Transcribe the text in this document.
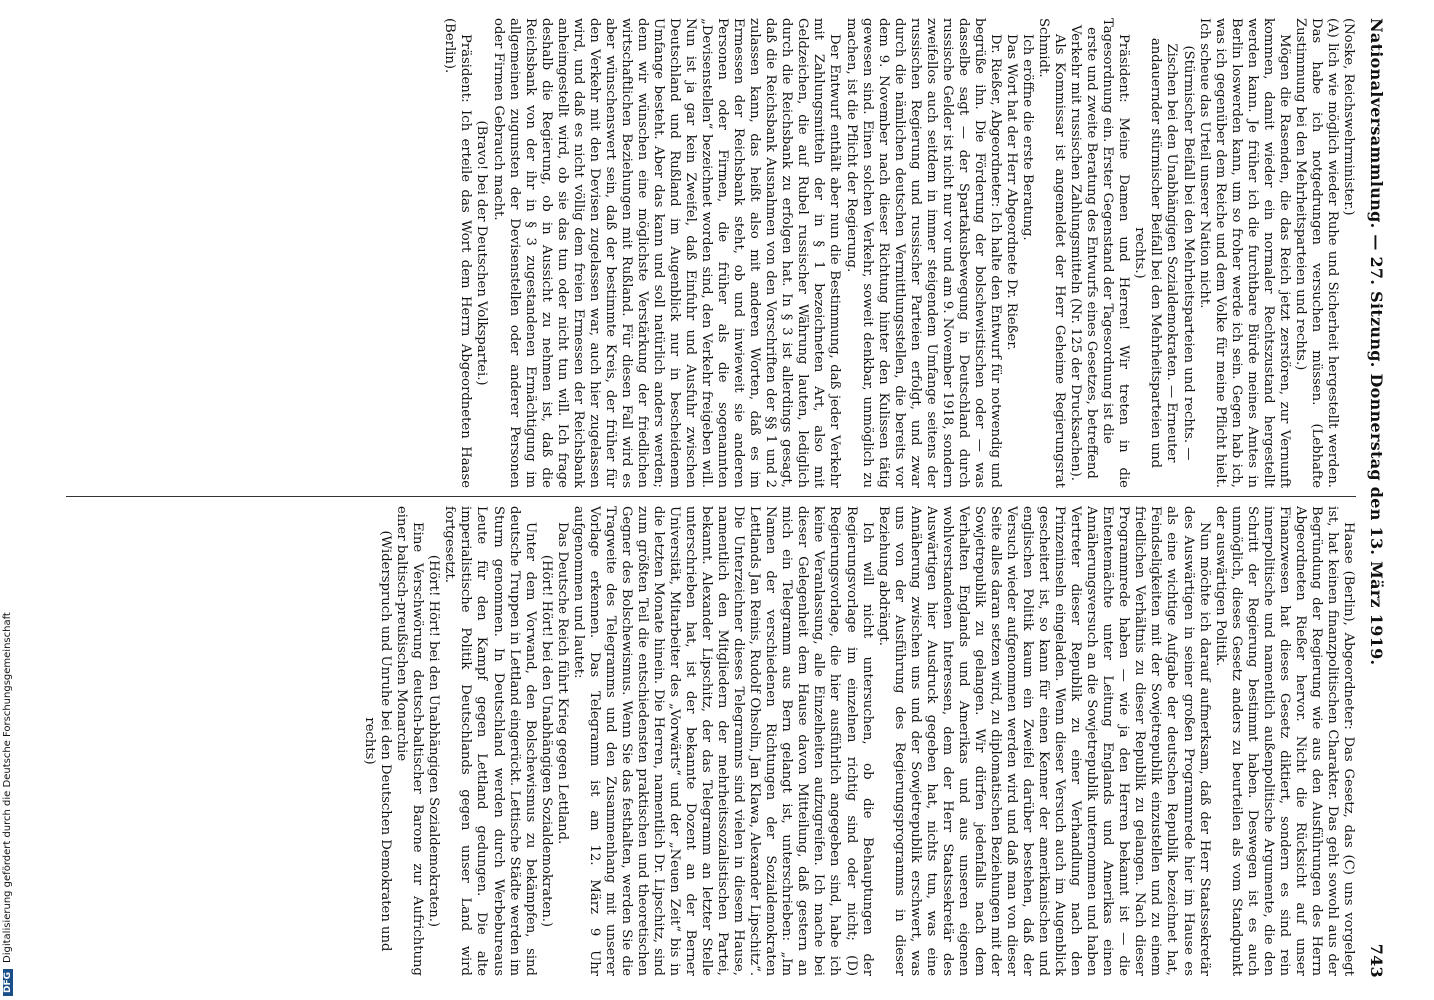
Nationalversammlung. — 27. Sitzung. Donnerstag den 13. März 1919.
743

(Noske, Reichswehrminister.)

(A) lich wie möglich wieder Ruhe und Sicherheit hergestellt werden. Das habe ich notgedrungen versuchen müssen. (Lebhafte Zustimmung bei den Mehrheitsparteien und rechts.)

Mögen die Rasenden, die das Reich jetzt zerstören, zur Vernunft kommen, damit wieder ein normaler Rechtszustand hergestellt werden kann. Je früher ich die furchtbare Bürde meines Amtes in Berlin loswerden kann, um so froher werde ich sein. Gegen hab ich, was ich gegenüber dem Reiche und dem Volke für meine Pflicht hielt. Ich scheue das Urteil unserer Nation nicht.

(Stürmischer Beifall bei den Mehrheitsparteien und rechts. — Zischen bei den Unabhängigen Sozialdemokraten. — Erneuter andauernder stürmischer Beifall bei den Mehrheitsparteien und rechts.)

Präsident: Meine Damen und Herren! Wir treten in die Tagesordnung ein. Erster Gegenstand der Tagesordnung ist die

erste und zweite Beratung des Entwurfs eines Gesetzes, betreffend Verkehr mit russischen Zahlungsmitteln (Nr. 125 der Drucksachen).

Als Kommissar ist angemeldet der Herr Geheime Regierungsrat Schmidt.

Ich eröffne die erste Beratung.

Das Wort hat der Herr Abgeordnete Dr. Rießer.

Dr. Rießer, Abgeordneter: Ich halte den Entwurf für notwendig und begrüße ihn. Die Förderung der bolschewistischen oder — was dasselbe sagt — der Spartakusbewegung in Deutschland durch russische Gelder ist nicht nur vor und am 9. November 1918, sondern zweifellos auch seitdem in immer steigendem Umfange seitens der russischen Regierung und russischer Parteien erfolgt, und zwar durch die nämlichen deutschen Vermittlungsstellen, die bereits vor dem 9. November nach dieser Richtung hinter den Kulissen tätig gewesen sind. Einen solchen Verkehr, soweit denkbar, unmöglich zu machen, ist die Pflicht der Regierung.

Der Entwurf enthält aber nun die Bestimmung, daß jeder Verkehr mit Zahlungsmitteln der in § 1 bezeichneten Art, also mit Geldzeichen, die auf Rubel russischer Währung lauten, lediglich durch die Reichsbank zu erfolgen hat. In § 3 ist allerdings gesagt, daß die Reichsbank Ausnahmen von den Vorschriften der §§ 1 und 2 zulassen kann, das heißt also mit anderen Worten, daß es im Ermessen der Reichsbank steht, ob und inwieweit sie anderen Personen oder Firmen, die früher als die sogenannten „Devisenstellen“ bezeichnet worden sind, den Verkehr freigeben will. Nun ist ja gar kein Zweifel, daß Einfuhr und Ausfuhr zwischen Deutschland und Rußland im Augenblick nur in bescheidenem Umfange besteht. Aber das kann und soll natürlich anders werden; denn wir wünschen eine möglichste Verstärkung der friedlichen wirtschaftlichen Beziehungen mit Rußland. Für diesen Fall wird es aber wünschenswert sein, daß der bestimmte Kreis, der früher für den Verkehr mit den Devisen zugelassen war, auch hier zugelassen wird, und daß es nicht völlig dem freien Ermessen der Reichsbank anheimgestellt wird, ob sie das tun oder nicht tun will. Ich frage deshalb die Regierung, ob in Aussicht zu nehmen ist, daß die Reichsbank von der ihr in § 3 zugestandenen Ermächtigung im allgemeinen zugunsten der Devisenstellen oder anderer Personen oder Firmen Gebrauch macht.

(Bravo! bei der Deutschen Volkspartei.)

Präsident: Ich erteile das Wort dem Herrn Abgeordneten Haase (Berlin).

Haase (Berlin), Abgeordneter: Das Gesetz, das (C) uns vorgelegt ist, hat keinen finanzpolitischen Charakter. Das geht sowohl aus der Begründung der Regierung wie aus den Ausführungen des Herrn Abgeordneten Rießer hervor. Nicht die Rücksicht auf unser Finanzwesen hat dieses Gesetz diktiert, sondern es sind rein innerpolitische und namentlich außenpolitische Argumente, die den Schritt der Regierung bestimmt haben. Deswegen ist es auch unmöglich, dieses Gesetz anders zu beurteilen als vom Standpunkt der auswärtigen Politik.

Nun möchte ich darauf aufmerksam, daß der Herr Staatssekretär des Auswärtigen in seiner großen Programmrede hier im Hause es als eine wichtige Aufgabe der deutschen Republik bezeichnet hat, Feindseligkeiten mit der Sowjetrepublik einzustellen und zu einem friedlichen Verhältnis zu dieser Republik zu gelangen. Nach dieser Programmrede haben — wie ja den Herren bekannt ist — die Ententemächte unter Leitung Englands und Amerikas einen Annäherungsversuch an die Sowjetrepublik unternommen und haben Vertreter dieser Republik zu einer Verhandlung nach den Prinzeninseln eingeladen. Wenn dieser Versuch auch im Augenblick gescheitert ist, so kann für einen Kenner der amerikanischen und englischen Politik kaum ein Zweifel darüber bestehen, daß der Versuch wieder aufgenommen werden wird und daß man von dieser Seite alles daran setzen wird, zu diplomatischen Beziehungen mit der Sowjetrepublik zu gelangen. Wir dürfen jedenfalls nach dem Verhalten Englands und Amerikas und aus unseren eigenen wohlverstandenen Interessen, dem der Herr Staatssekretär des Auswärtigen hier Ausdruck gegeben hat, nichts tun, was eine Annäherung zwischen uns und der Sowjetrepublik erschwert, was uns von der Ausführung des Regierungsprogramms in dieser Beziehung abdrängt.

Ich will nicht untersuchen, ob die Behauptungen der Regierungsvorlage im einzelnen richtig sind oder nicht; (D) Regierungsvorlage, die hier ausführlich angegeben sind, habe ich keine Veranlassung, alle Einzelheiten aufzugreifen. Ich mache bei dieser Gelegenheit dem Hause davon Mitteilung, daß gestern an mich ein Telegramm aus Bern gelangt ist, unterschrieben: „Im Namen der verschiedenen Richtungen der Sozialdemokraten Lettlands Jan Reinis, Rudolf Ohsolin, Jan Klawa, Alexander Lipschitz“. Die Unterzeichner dieses Telegramms sind vielen in diesem Hause, namentlich den Mitgliedern der mehrheitssozialistischen Partei, bekannt. Alexander Lipschitz, der das Telegramm an letzter Stelle unterschrieben hat, ist der bekannte Dozent an der Berner Universität, Mitarbeiter des „Vorwärts“ und der „Neuen Zeit“ bis in die letzten Monate hinein. Die Herren, namentlich Dr. Lipschitz, sind zum größten Teil die entschiedensten praktischen und theoretischen Gegner des Bolschewismus. Wenn Sie das festhalten, werden Sie die Tragweite des Telegramms und den Zusammenhang mit unserer Vorlage erkennen. Das Telegramm ist am 12. März 9 Uhr aufgenommen und lautet:

Das Deutsche Reich führt Krieg gegen Lettland.

(Hört! Hört! bei den Unabhängigen Sozialdemokraten.)

Unter dem Vorwand, den Bolschewismus zu bekämpfen, sind deutsche Truppen in Lettland eingerückt. Lettische Städte werden im Sturm genommen. In Deutschland werden durch Werbebureaus Leute für den Kampf gegen Lettland gedungen. Die alte imperialistische Politik Deutschlands gegen unser Land wird fortgesetzt.

(Hört! Hört! bei den Unabhängigen Sozialdemokraten.)

Eine Verschwörung deutsch-baltischer Barone zur Aufrichtung einer baltisch-preußischen Monarchie

(Widerspruch und Unruhe bei den Deutschen Demokraten und rechts)

DFGDigitalisierung gefördert durch die Deutsche Forschungsgemeinschaft
